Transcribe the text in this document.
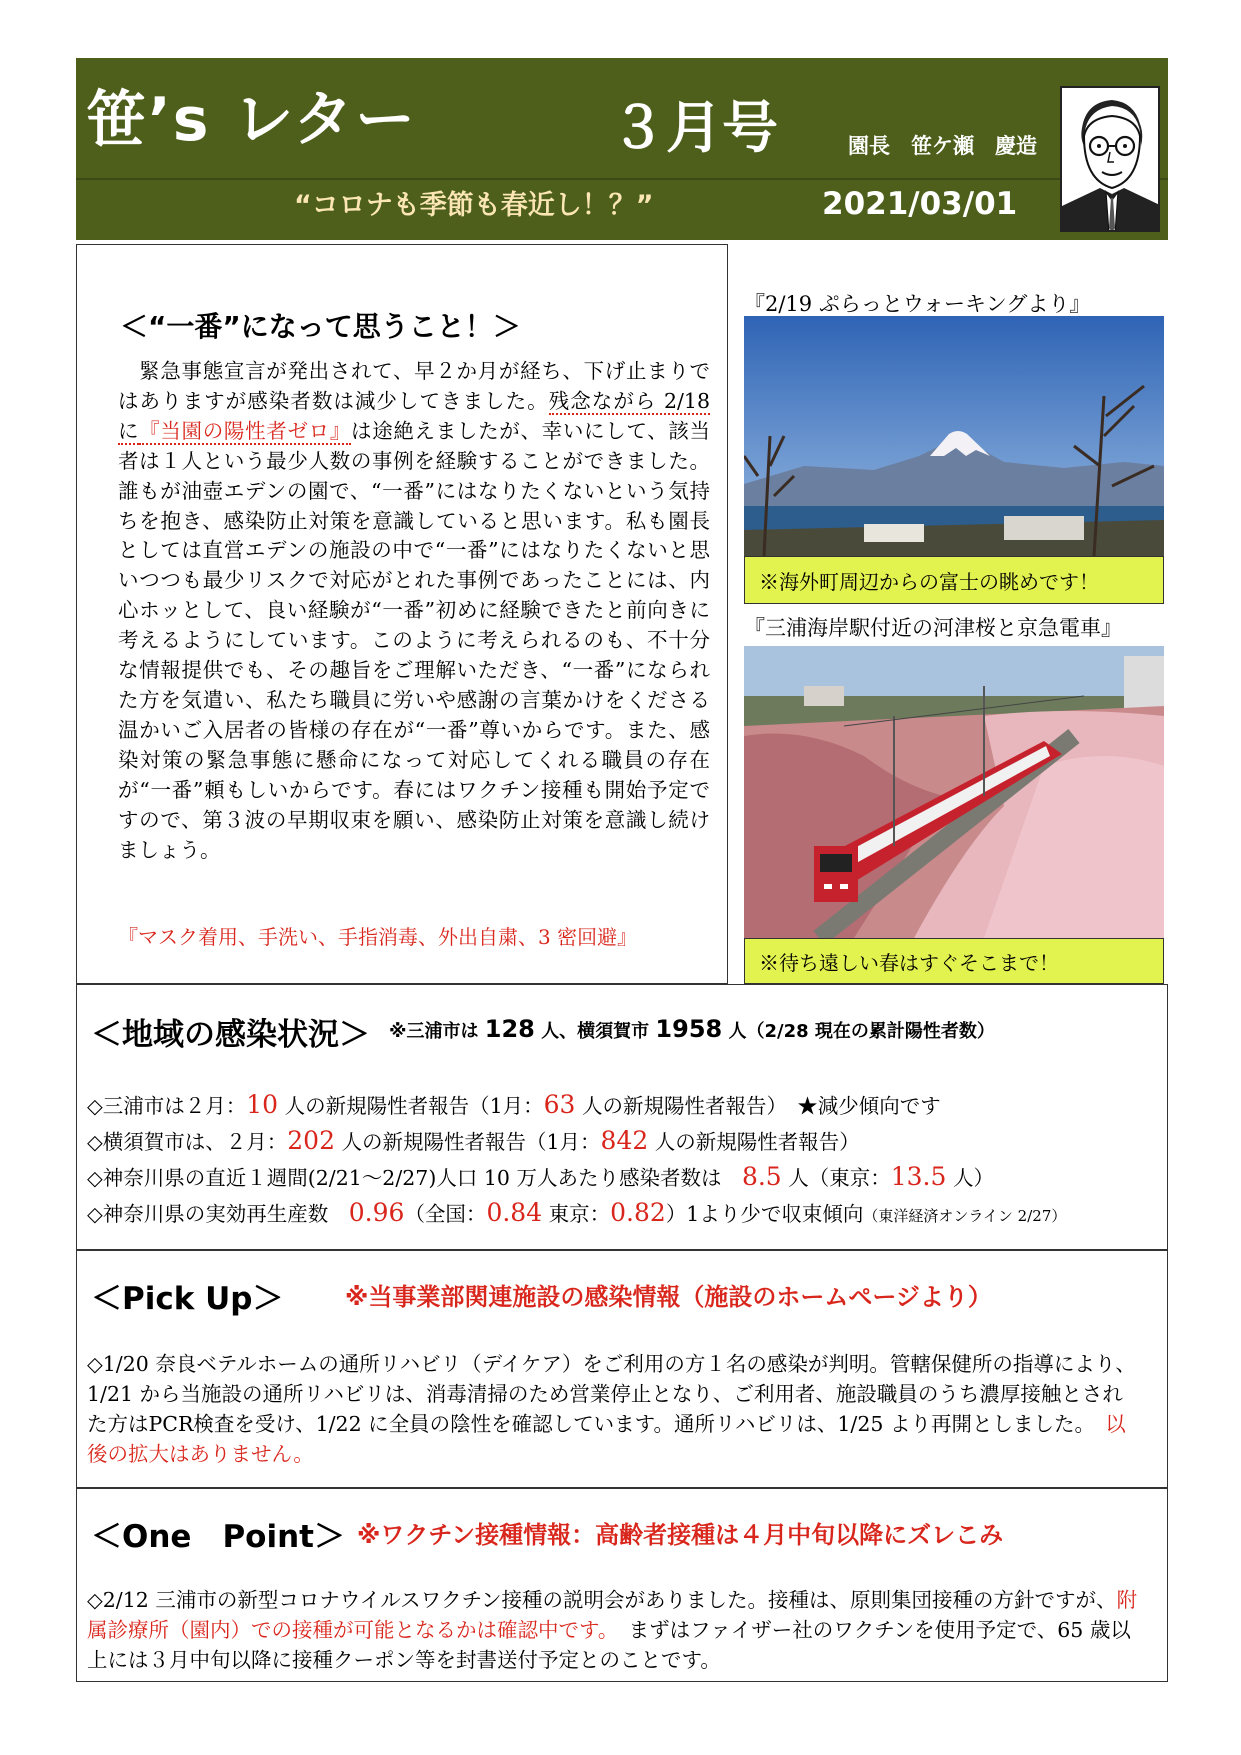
笹’s レター	３月号	園長　笹ケ瀬　慶造
“コロナも季節も春近し！？”	2021/03/01
＜“一番”になって思うこと！＞
　緊急事態宣言が発出されて、早２か月が経ち、下げ止まりではありますが感染者数は減少してきました。残念ながら 2/18 に『当園の陽性者ゼロ』は途絶えましたが、幸いにして、該当者は１人という最少人数の事例を経験することができました。誰もが油壺エデンの園で、“一番”にはなりたくないという気持ちを抱き、感染防止対策を意識していると思います。私も園長としては直営エデンの施設の中で“一番”にはなりたくないと思いつつも最少リスクで対応がとれた事例であったことには、内心ホッとして、良い経験が“一番”初めに経験できたと前向きに考えるようにしています。このように考えられるのも、不十分な情報提供でも、その趣旨をご理解いただき、“一番”になられた方を気遣い、私たち職員に労いや感謝の言葉かけをくださる温かいご入居者の皆様の存在が“一番”尊いからです。また、感染対策の緊急事態に懸命になって対応してくれる職員の存在が“一番”頼もしいからです。春にはワクチン接種も開始予定ですので、第３波の早期収束を願い、感染防止対策を意識し続けましょう。
『マスク着用、手洗い、手指消毒、外出自粛、3 密回避』
『2/19 ぷらっとウォーキングより』
※海外町周辺からの富士の眺めです！
『三浦海岸駅付近の河津桜と京急電車』
※待ち遠しい春はすぐそこまで！
＜地域の感染状況＞ ※三浦市は 128 人、横須賀市 1958 人（2/28 現在の累計陽性者数）
◇三浦市は２月：10 人の新規陽性者報告（1月：63 人の新規陽性者報告）　★減少傾向です
◇横須賀市は、２月：202 人の新規陽性者報告（1月：842 人の新規陽性者報告）
◇神奈川県の直近１週間(2/21～2/27)人口 10 万人あたり感染者数は　8.5 人（東京：13.5 人）
◇神奈川県の実効再生産数　0.96（全国：0.84 東京：0.82）1より少で収束傾向（東洋経済オンライン 2/27）
＜Pick Up＞	※当事業部関連施設の感染情報（施設のホームページより）
◇1/20 奈良ベテルホームの通所リハビリ（デイケア）をご利用の方１名の感染が判明。管轄保健所の指導により、1/21 から当施設の通所リハビリは、消毒清掃のため営業停止となり、ご利用者、施設職員のうち濃厚接触とされた方はPCR検査を受け、1/22 に全員の陰性を確認しています。通所リハビリは、1/25 より再開としました。　以後の拡大はありません。
＜One　Point＞ ※ワクチン接種情報：高齢者接種は４月中旬以降にズレこみ
◇2/12 三浦市の新型コロナウイルスワクチン接種の説明会がありました。接種は、原則集団接種の方針ですが、附属診療所（園内）での接種が可能となるかは確認中です。　まずはファイザー社のワクチンを使用予定で、65 歳以上には３月中旬以降に接種クーポン等を封書送付予定とのことです。
